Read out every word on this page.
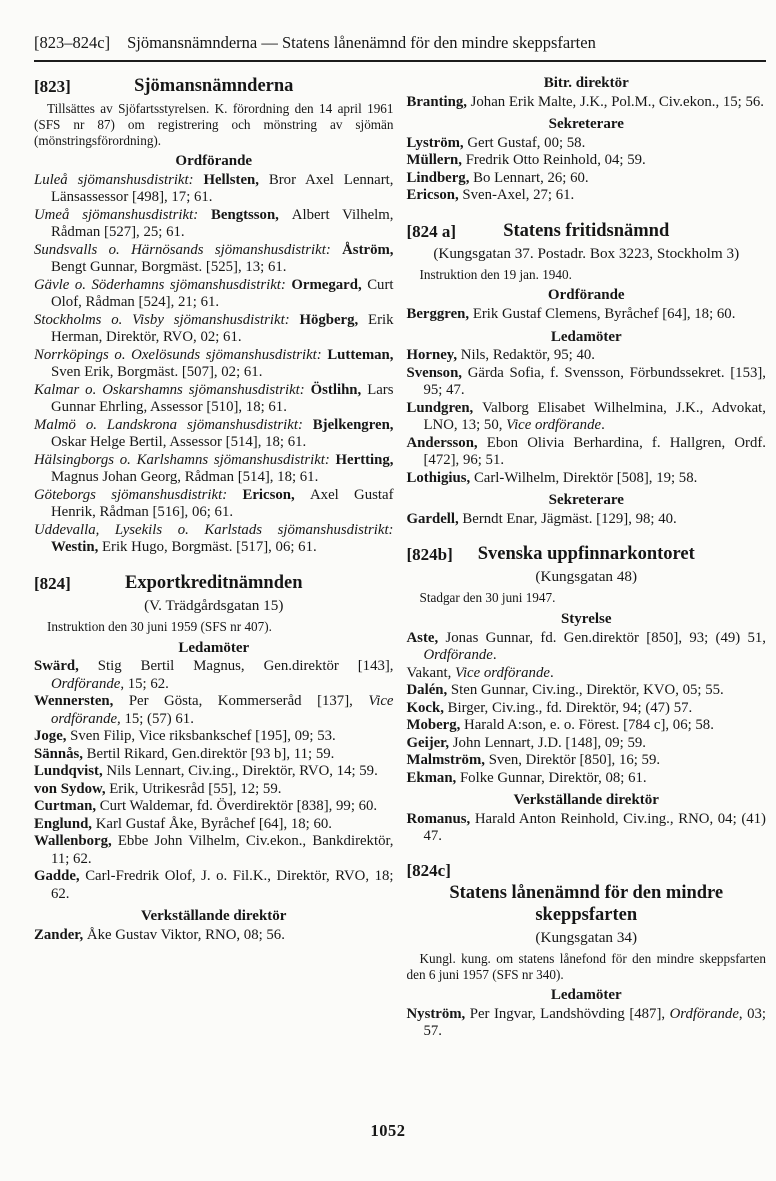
[823–824c] Sjömansnämnderna — Statens lånenämnd för den mindre skeppsfarten
[823]	Sjömansnämnderna
Tillsättes av Sjöfartsstyrelsen. K. förordning den 14 april 1961 (SFS nr 87) om registrering och mönstring av sjömän (mönstringsförordning).
Ordförande

Luleå sjömanshusdistrikt: Hellsten, Bror Axel Lennart, Länsassessor [498], 17; 61.

Umeå sjömanshusdistrikt: Bengtsson, Albert Vilhelm, Rådman [527], 25; 61.

Sundsvalls o. Härnösands sjömanshusdistrikt: Åström, Bengt Gunnar, Borgmäst. [525], 13; 61.

Gävle o. Söderhamns sjömanshusdistrikt: Ormegard, Curt Olof, Rådman [524], 21; 61.

Stockholms o. Visby sjömanshusdistrikt: Högberg, Erik Herman, Direktör, RVO, 02; 61.

Norrköpings o. Oxelösunds sjömanshusdistrikt: Lutteman, Sven Erik, Borgmäst. [507], 02; 61.

Kalmar o. Oskarshamns sjömanshusdistrikt: Östlihn, Lars Gunnar Ehrling, Assessor [510], 18; 61.

Malmö o. Landskrona sjömanshusdistrikt: Bjelkengren, Oskar Helge Bertil, Assessor [514], 18; 61.

Hälsingborgs o. Karlshamns sjömanshusdistrikt: Hertting, Magnus Johan Georg, Rådman [514], 18; 61.

Göteborgs sjömanshusdistrikt: Ericson, Axel Gustaf Henrik, Rådman [516], 06; 61.

Uddevalla, Lysekils o. Karlstads sjömanshusdistrikt: Westin, Erik Hugo, Borgmäst. [517], 06; 61.

[824]	Exportkreditnämnden
(V. Trädgårdsgatan 15)
Instruktion den 30 juni 1959 (SFS nr 407).
Ledamöter

Swärd, Stig Bertil Magnus, Gen.direktör [143], Ordförande, 15; 62.

Wennersten, Per Gösta, Kommerseråd [137], Vice ordförande, 15; (57) 61.

Joge, Sven Filip, Vice riksbankschef [195], 09; 53.

Sännås, Bertil Rikard, Gen.direktör [93 b], 11; 59.

Lundqvist, Nils Lennart, Civ.ing., Direktör, RVO, 14; 59.

von Sydow, Erik, Utrikesråd [55], 12; 59.

Curtman, Curt Waldemar, fd. Överdirektör [838], 99; 60.

Englund, Karl Gustaf Åke, Byråchef [64], 18; 60.

Wallenborg, Ebbe John Vilhelm, Civ.ekon., Bankdirektör, 11; 62.

Gadde, Carl-Fredrik Olof, J. o. Fil.K., Direktör, RVO, 18; 62.

Verkställande direktör

Zander, Åke Gustav Viktor, RNO, 08; 56.

Bitr. direktör

Branting, Johan Erik Malte, J.K., Pol.M., Civ.ekon., 15; 56.

Sekreterare

Lyström, Gert Gustaf, 00; 58.

Müllern, Fredrik Otto Reinhold, 04; 59.

Lindberg, Bo Lennart, 26; 60.

Ericson, Sven-Axel, 27; 61.

[824 a]	Statens fritidsnämnd
(Kungsgatan 37. Postadr. Box 3223, Stockholm 3)
Instruktion den 19 jan. 1940.
Ordförande

Berggren, Erik Gustaf Clemens, Byråchef [64], 18; 60.

Ledamöter

Horney, Nils, Redaktör, 95; 40.

Svenson, Gärda Sofia, f. Svensson, Förbundssekret. [153], 95; 47.

Lundgren, Valborg Elisabet Wilhelmina, J.K., Advokat, LNO, 13; 50, Vice ordförande.

Andersson, Ebon Olivia Berhardina, f. Hallgren, Ordf. [472], 96; 51.

Lothigius, Carl-Wilhelm, Direktör [508], 19; 58.

Sekreterare

Gardell, Berndt Enar, Jägmäst. [129], 98; 40.

[824b] Svenska uppfinnarkontoret
(Kungsgatan 48)
Stadgar den 30 juni 1947.
Styrelse

Aste, Jonas Gunnar, fd. Gen.direktör [850], 93; (49) 51, Ordförande.

Vakant, Vice ordförande.

Dalén, Sten Gunnar, Civ.ing., Direktör, KVO, 05; 55.

Kock, Birger, Civ.ing., fd. Direktör, 94; (47) 57.

Moberg, Harald A:son, e. o. Förest. [784 c], 06; 58.

Geijer, John Lennart, J.D. [148], 09; 59.

Malmström, Sven, Direktör [850], 16; 59.

Ekman, Folke Gunnar, Direktör, 08; 61.

Verkställande direktör

Romanus, Harald Anton Reinhold, Civ.ing., RNO, 04; (41) 47.

[824c]
Statens lånenämnd för den mindre skeppsfarten
(Kungsgatan 34)
Kungl. kung. om statens lånefond för den mindre skeppsfarten den 6 juni 1957 (SFS nr 340).
Ledamöter

Nyström, Per Ingvar, Landshövding [487], Ordförande, 03; 57.

1052
